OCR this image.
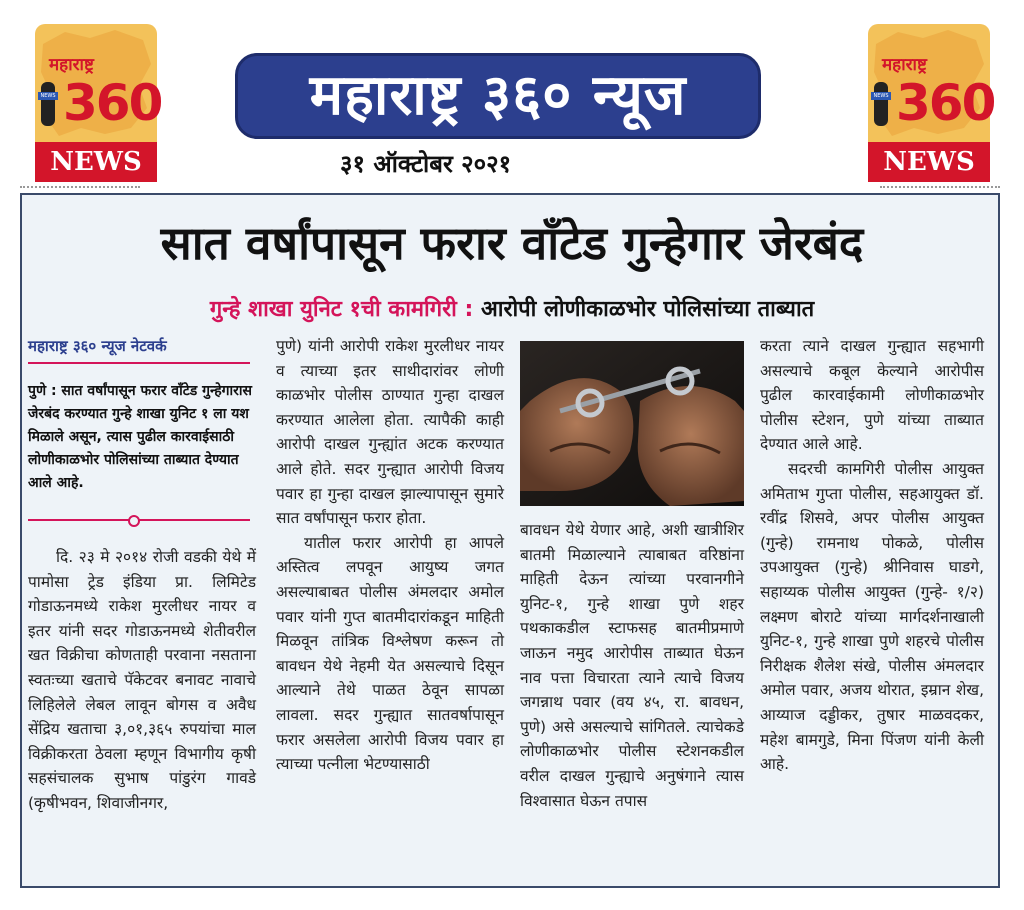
महाराष्ट्र
360
NEWS
NEWS
महाराष्ट्र
360
NEWS
NEWS
महाराष्ट्र ३६० न्यूज
३१ ऑक्टोबर २०२१
सात वर्षांपासून फरार वॉंटेड गुन्हेगार जेरबंद
गुन्हे शाखा युनिट १ची कामगिरी : आरोपी लोणीकाळभोर पोलिसांच्या ताब्यात
महाराष्ट्र ३६० न्यूज नेटवर्क
पुणे : सात वर्षांपासून फरार वॉंटेड गुन्हेगारास जेरबंद करण्यात गुन्हे शाखा युनिट १ ला यश मिळाले असून, त्यास पुढील कारवाईसाठी लोणीकाळभोर पोलिसांच्या ताब्यात देण्यात आले आहे.

दि. २३ मे २०१४ रोजी वडकी येथे मेें पामोसा ट्रेड इंडिया प्रा. लिमिटेड गोडाऊनमध्ये राकेश मुरलीधर नायर व इतर यांनी सदर गोडाऊनमध्ये शेतीवरील खत विक्रीचा कोणताही परवाना नसताना स्वतःच्या खताचे पॅकेटवर बनावट नावाचे लिहिलेले लेबल लावून बोगस व अवैध सेंद्रिय खताचा ३,०१,३६५ रुपयांचा माल विक्रीकरता ठेवला म्हणून विभागीय कृषी सहसंचालक सुभाष पांडुरंग गावडे (कृषीभवन, शिवाजीनगर,

पुणे) यांनी आरोपी राकेश मुरलीधर नायर व त्याच्या इतर साथीदारांवर लोणी काळभोर पोलीस ठाण्यात गुन्हा दाखल करण्यात आलेला होता. त्यापैकी काही आरोपी दाखल गुन्ह्यांत अटक करण्यात आले होते. सदर गुन्ह्यात आरोपी विजय पवार हा गुन्हा दाखल झाल्यापासून सुमारे सात वर्षांपासून फरार होता.

यातील फरार आरोपी हा आपले अस्तित्व लपवून आयुष्य जगत असल्याबाबत पोलीस अंमलदार अमोल पवार यांनी गुप्त बातमीदारांकडून माहिती मिळवून तांत्रिक विश्लेषण करून तो बावधन येथे नेहमी येत असल्याचे दिसून आल्याने तेथे पाळत ठेवून सापळा लावला. सदर गुन्ह्यात सातवर्षापासून फरार असलेला आरोपी विजय पवार हा त्याच्या पत्नीला भेटण्यासाठी

बावधन येथे येणार आहे, अशी खात्रीशिर बातमी मिळाल्याने त्याबाबत वरिष्ठांना माहिती देऊन त्यांच्या परवानगीने युनिट-१, गुन्हे शाखा पुणे शहर पथकाकडील स्टाफसह बातमीप्रमाणे जाऊन नमुद आरोपीस ताब्यात घेऊन नाव पत्ता विचारता त्याने त्याचे विजय जगन्नाथ पवार (वय ४५, रा. बावधन, पुणे) असे असल्याचे सांगितले. त्याचेकडे लोणीकाळभोर पोलीस स्टेशनकडील वरील दाखल गुन्ह्याचे अनुषंगाने त्यास विश्वासात घेऊन तपास

करता त्याने दाखल गुन्ह्यात सहभागी असल्याचे कबूल केल्याने आरोपीस पुढील कारवाईकामी लोणीकाळभोर पोलीस स्टेशन, पुणे यांच्या ताब्यात देण्यात आले आहे.

सदरची कामगिरी पोलीस आयुक्त अमिताभ गुप्ता पोलीस, सहआयुक्त डॉ. रवींद्र शिसवे, अपर पोलीस आयुक्त (गुन्हे) रामनाथ पोकळे, पोलीस उपआयुक्त (गुन्हे) श्रीनिवास घाडगे, सहाय्यक पोलीस आयुक्त (गुन्हे- १/२) लक्ष्मण बोराटे यांच्या मार्गदर्शनाखाली युनिट-१, गुन्हे शाखा पुणे शहरचे पोलीस निरीक्षक शैलेश संखे, पोलीस अंमलदार अमोल पवार, अजय थोरात, इम्रान शेख, आय्याज दड्डीकर, तुषार माळवदकर, महेश बामगुडे, मिना पिंजण यांनी केली आहे.
